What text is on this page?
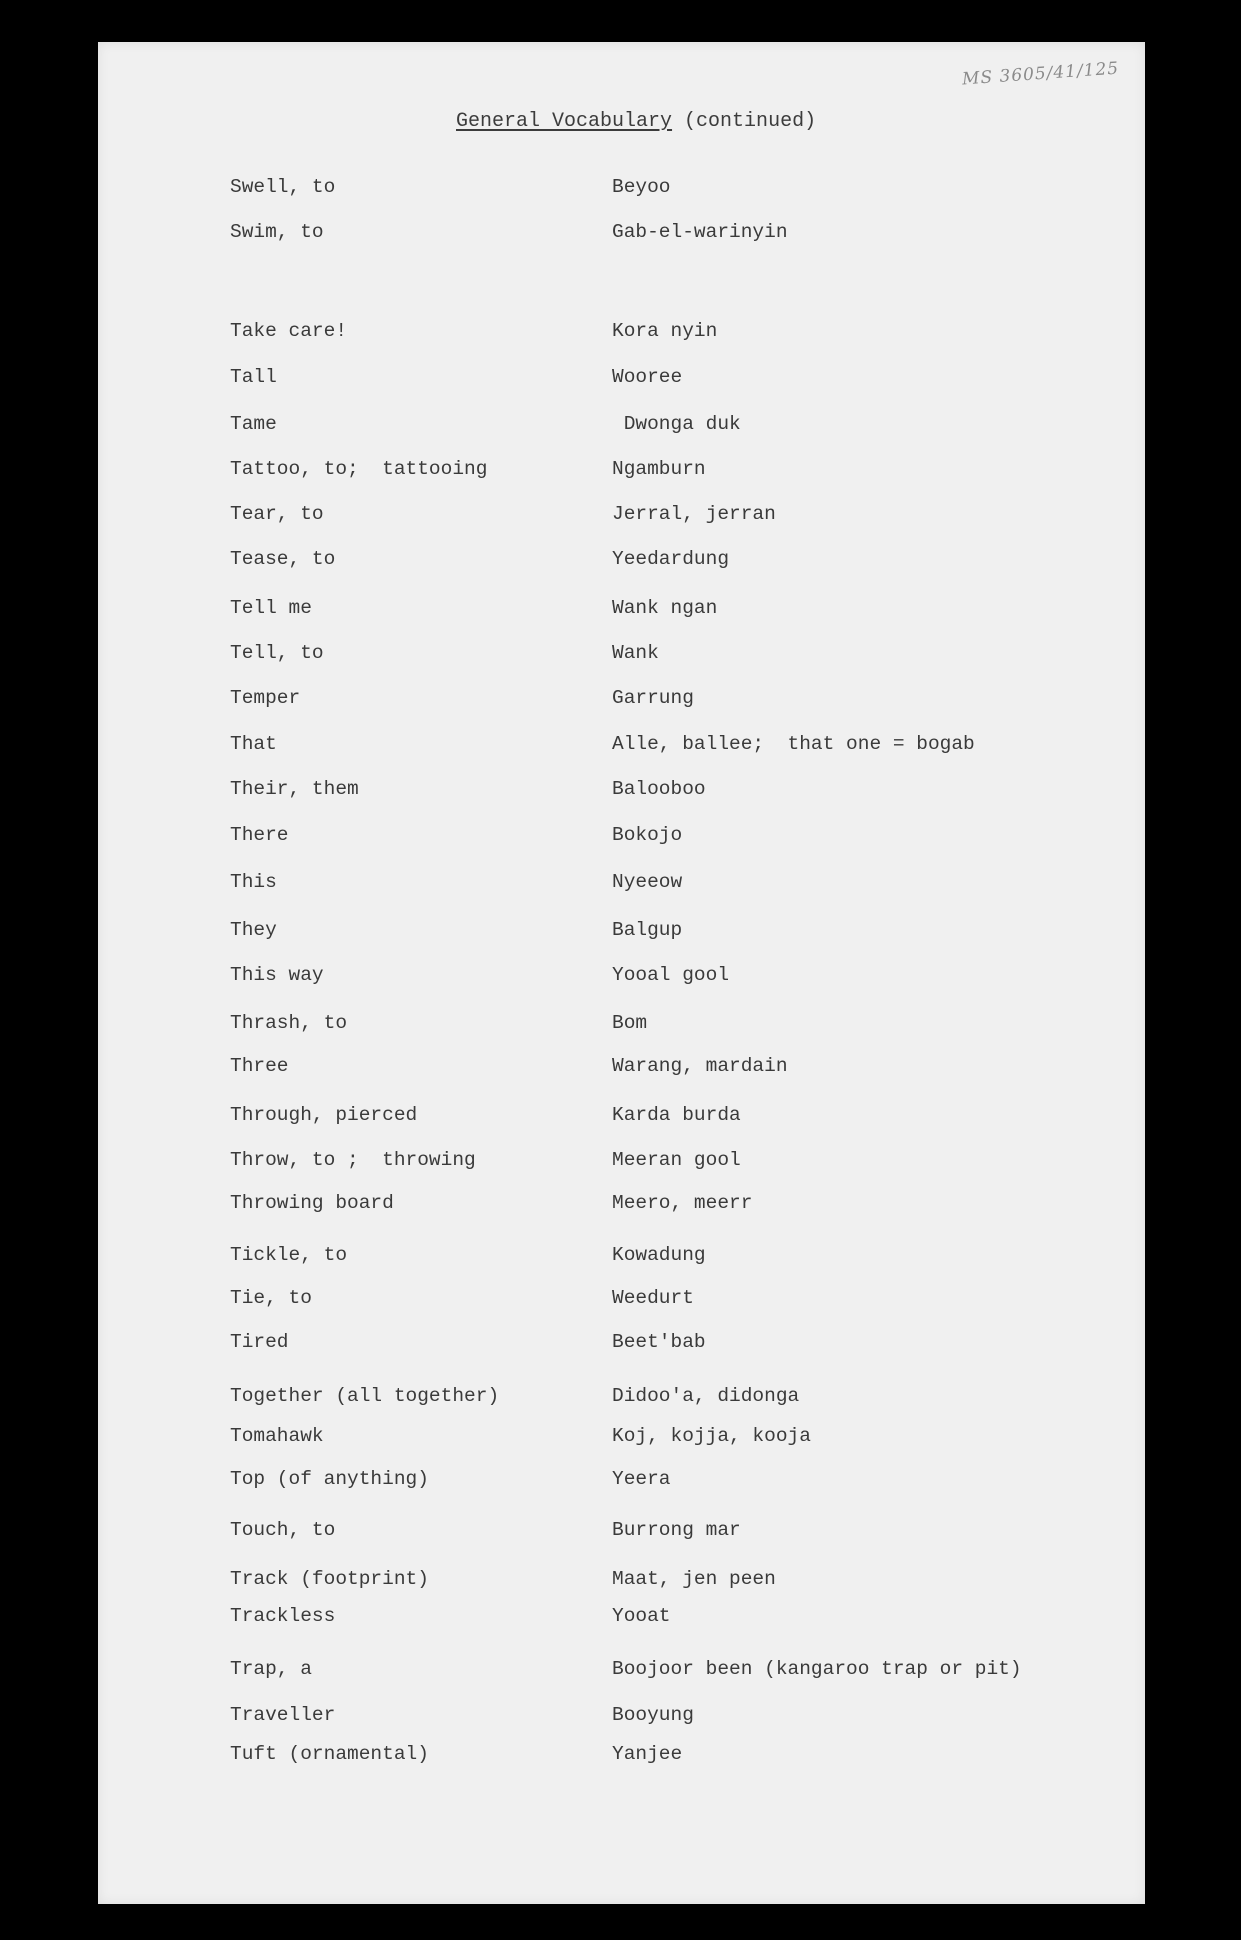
MS 3605/41/125
General Vocabulary (continued)
Swell, to	Beyoo
Swim, to	Gab-el-warinyin
Take care!	Kora nyin
Tall	Wooree
Tame	Dwonga duk
Tattoo, to;  tattooing	Ngamburn
Tear, to	Jerral, jerran
Tease, to	Yeedardung
Tell me	Wank ngan
Tell, to	Wank
Temper	Garrung
That	Alle, ballee;  that one = bogab
Their, them	Balooboo
There	Bokojo
This	Nyeeow
They	Balgup
This way	Yooal gool
Thrash, to	Bom
Three	Warang, mardain
Through, pierced	Karda burda
Throw, to ;  throwing	Meeran gool
Throwing board	Meero, meerr
Tickle, to	Kowadung
Tie, to	Weedurt
Tired	Beet'bab
Together (all together)	Didoo'a, didonga
Tomahawk	Koj, kojja, kooja
Top (of anything)	Yeera
Touch, to	Burrong mar
Track (footprint)	Maat, jen peen
Trackless	Yooat
Trap, a	Boojoor been (kangaroo trap or pit)
Traveller	Booyung
Tuft (ornamental)	Yanjee
